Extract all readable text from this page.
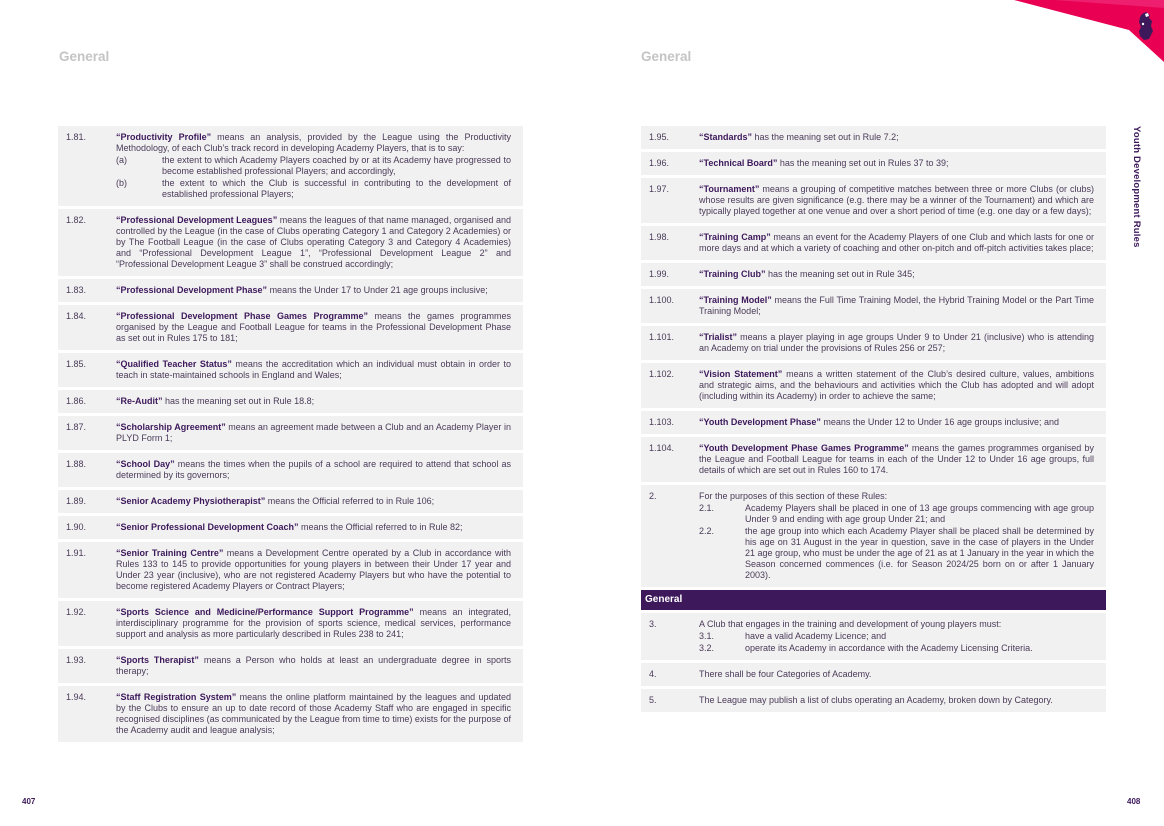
General	General
Youth Development Rules
1.81.	“Productivity Profile” means an analysis, provided by the League using the Productivity Methodology, of each Club’s track record in developing Academy Players, that is to say:
(a)	the extent to which Academy Players coached by or at its Academy have progressed to become established professional Players; and accordingly,
(b)	the extent to which the Club is successful in contributing to the development of established professional Players;
1.82.	“Professional Development Leagues” means the leagues of that name managed, organised and controlled by the League (in the case of Clubs operating Category 1 and Category 2 Academies) or by The Football League (in the case of Clubs operating Category 3 and Category 4 Academies) and “Professional Development League 1”, “Professional Development League 2” and “Professional Development League 3” shall be construed accordingly;
1.83.	“Professional Development Phase” means the Under 17 to Under 21 age groups inclusive;
1.84.	“Professional Development Phase Games Programme” means the games programmes organised by the League and Football League for teams in the Professional Development Phase as set out in Rules 175 to 181;
1.85.	“Qualified Teacher Status” means the accreditation which an individual must obtain in order to teach in state-maintained schools in England and Wales;
1.86.	“Re-Audit” has the meaning set out in Rule 18.8;
1.87.	“Scholarship Agreement” means an agreement made between a Club and an Academy Player in PLYD Form 1;
1.88.	“School Day” means the times when the pupils of a school are required to attend that school as determined by its governors;
1.89.	“Senior Academy Physiotherapist” means the Official referred to in Rule 106;
1.90.	“Senior Professional Development Coach” means the Official referred to in Rule 82;
1.91.	“Senior Training Centre” means a Development Centre operated by a Club in accordance with Rules 133 to 145 to provide opportunities for young players in between their Under 17 year and Under 23 year (inclusive), who are not registered Academy Players but who have the potential to become registered Academy Players or Contract Players;
1.92.	“Sports Science and Medicine/Performance Support Programme” means an integrated, interdisciplinary programme for the provision of sports science, medical services, performance support and analysis as more particularly described in Rules 238 to 241;
1.93.	“Sports Therapist” means a Person who holds at least an undergraduate degree in sports therapy;
1.94.	“Staff Registration System” means the online platform maintained by the leagues and updated by the Clubs to ensure an up to date record of those Academy Staff who are engaged in specific recognised disciplines (as communicated by the League from time to time) exists for the purpose of the Academy audit and league analysis;
1.95.	“Standards” has the meaning set out in Rule 7.2;
1.96.	“Technical Board” has the meaning set out in Rules 37 to 39;
1.97.	“Tournament” means a grouping of competitive matches between three or more Clubs (or clubs) whose results are given significance (e.g. there may be a winner of the Tournament) and which are typically played together at one venue and over a short period of time (e.g. one day or a few days);
1.98.	“Training Camp” means an event for the Academy Players of one Club and which lasts for one or more days and at which a variety of coaching and other on-pitch and off-pitch activities takes place;
1.99.	“Training Club” has the meaning set out in Rule 345;
1.100.	“Training Model” means the Full Time Training Model, the Hybrid Training Model or the Part Time Training Model;
1.101.	“Trialist” means a player playing in age groups Under 9 to Under 21 (inclusive) who is attending an Academy on trial under the provisions of Rules 256 or 257;
1.102.	“Vision Statement” means a written statement of the Club’s desired culture, values, ambitions and strategic aims, and the behaviours and activities which the Club has adopted and will adopt (including within its Academy) in order to achieve the same;
1.103.	“Youth Development Phase” means the Under 12 to Under 16 age groups inclusive; and
1.104.	“Youth Development Phase Games Programme” means the games programmes organised by the League and Football League for teams in each of the Under 12 to Under 16 age groups, full details of which are set out in Rules 160 to 174.
2.	For the purposes of this section of these Rules:
2.1.	Academy Players shall be placed in one of 13 age groups commencing with age group Under 9 and ending with age group Under 21; and
2.2.	the age group into which each Academy Player shall be placed shall be determined by his age on 31 August in the year in question, save in the case of players in the Under 21 age group, who must be under the age of 21 as at 1 January in the year in which the Season concerned commences (i.e. for Season 2024/25 born on or after 1 January 2003).
General
3.	A Club that engages in the training and development of young players must:
3.1.	have a valid Academy Licence; and
3.2.	operate its Academy in accordance with the Academy Licensing Criteria.
4.	There shall be four Categories of Academy.
5.	The League may publish a list of clubs operating an Academy, broken down by Category.
407	408
